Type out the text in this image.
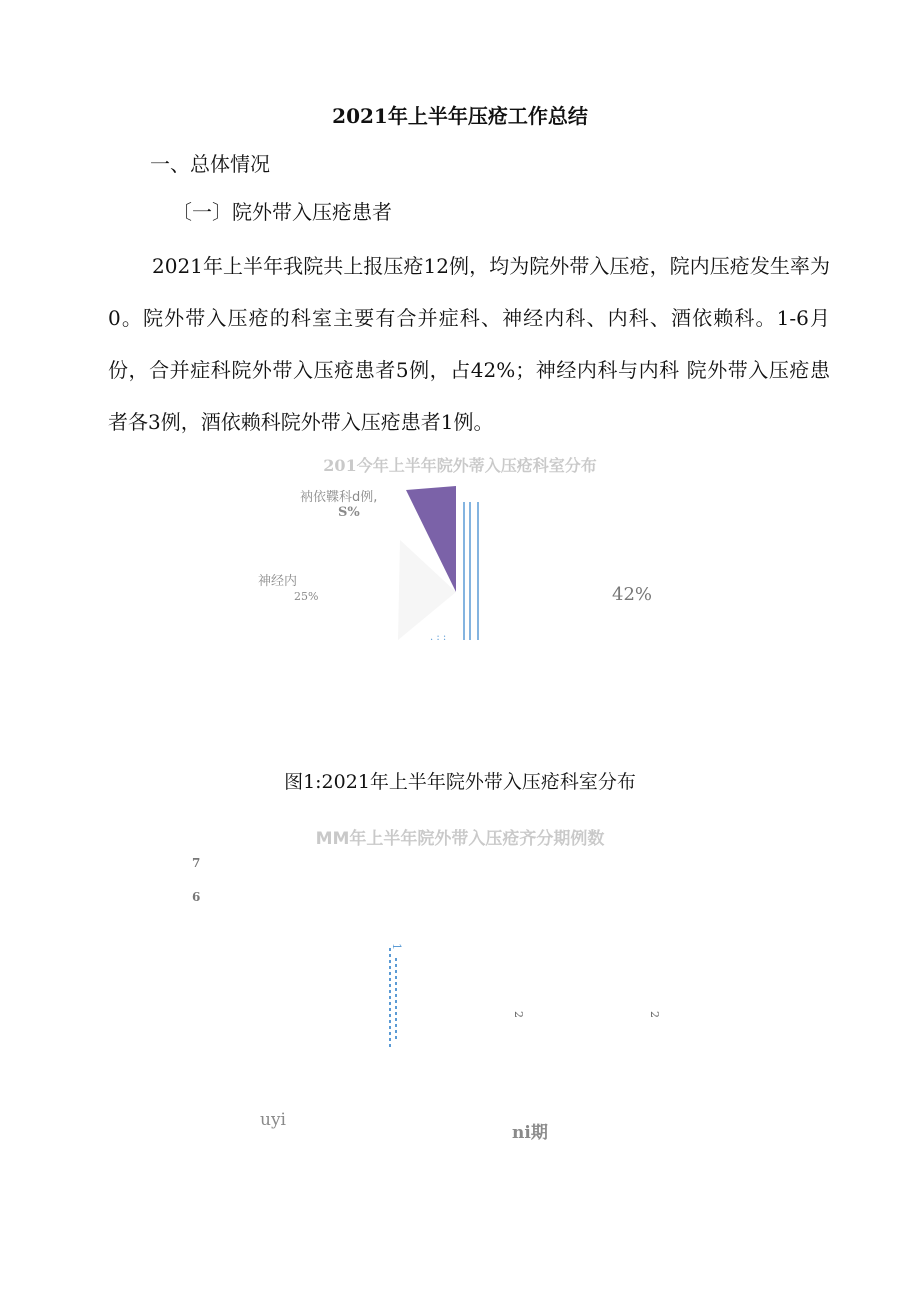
2021年上半年压疮工作总结
一、总体情况
〔一〕院外带入压疮患者

2021年上半年我院共上报压疮12例，均为院外带入压疮，院内压疮发生率为0。院外带入压疮的科室主要有合并症科、神经内科、内科、酒依赖科。1-6月份，合并症科院外带入压疮患者5例，占42%；神经内科与内科 院外带入压疮患者各3例，酒依赖科院外带入压疮患者1例。

201今年上半年院外蒂入压疮科室分布
. : :
衲依鞢科d例,
S%
神经内
25%	42%
图1:2021年上半年院外带入压疮科室分布
MM年上半年院外带入压疮齐分期例数
7
6
1
2	2
uyi
ni期
